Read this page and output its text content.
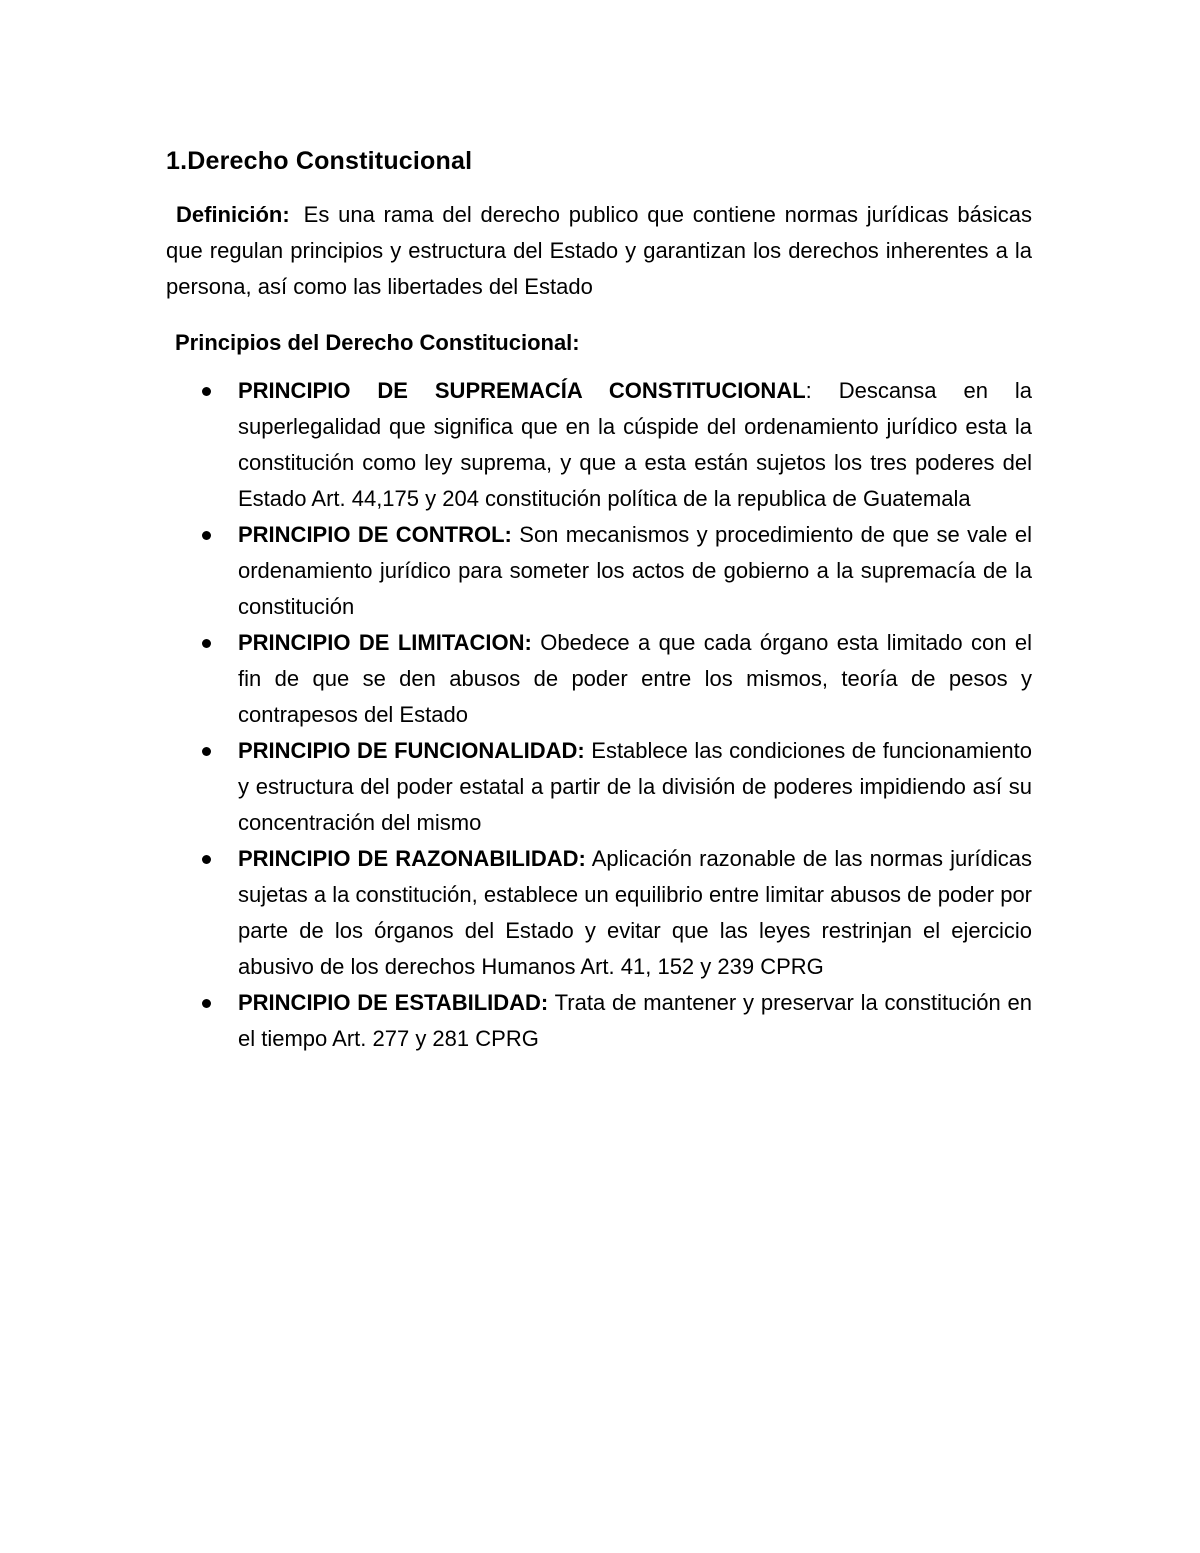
1.Derecho Constitucional

Definición: Es una rama del derecho publico que contiene normas jurídicas básicas que regulan principios y estructura del Estado y garantizan los derechos inherentes a la persona, así como las libertades del Estado

Principios del Derecho Constitucional:

PRINCIPIO DE SUPREMACÍA CONSTITUCIONAL: Descansa en la superlegalidad que significa que en la cúspide del ordenamiento jurídico esta la constitución como ley suprema, y que a esta están sujetos los tres poderes del Estado Art. 44,175 y 204 constitución política de la republica de Guatemala
PRINCIPIO DE CONTROL: Son mecanismos y procedimiento de que se vale el ordenamiento jurídico para someter los actos de gobierno a la supremacía de la constitución
PRINCIPIO DE LIMITACION: Obedece a que cada órgano esta limitado con el fin de que se den abusos de poder entre los mismos, teoría de pesos y contrapesos del Estado
PRINCIPIO DE FUNCIONALIDAD: Establece las condiciones de funcionamiento y estructura del poder estatal a partir de la división de poderes impidiendo así su concentración del mismo
PRINCIPIO DE RAZONABILIDAD: Aplicación razonable de las normas jurídicas sujetas a la constitución, establece un equilibrio entre limitar abusos de poder por parte de los órganos del Estado y evitar que las leyes restrinjan el ejercicio abusivo de los derechos Humanos Art. 41, 152 y 239 CPRG
PRINCIPIO DE ESTABILIDAD: Trata de mantener y preservar la constitución en el tiempo Art. 277 y 281 CPRG
